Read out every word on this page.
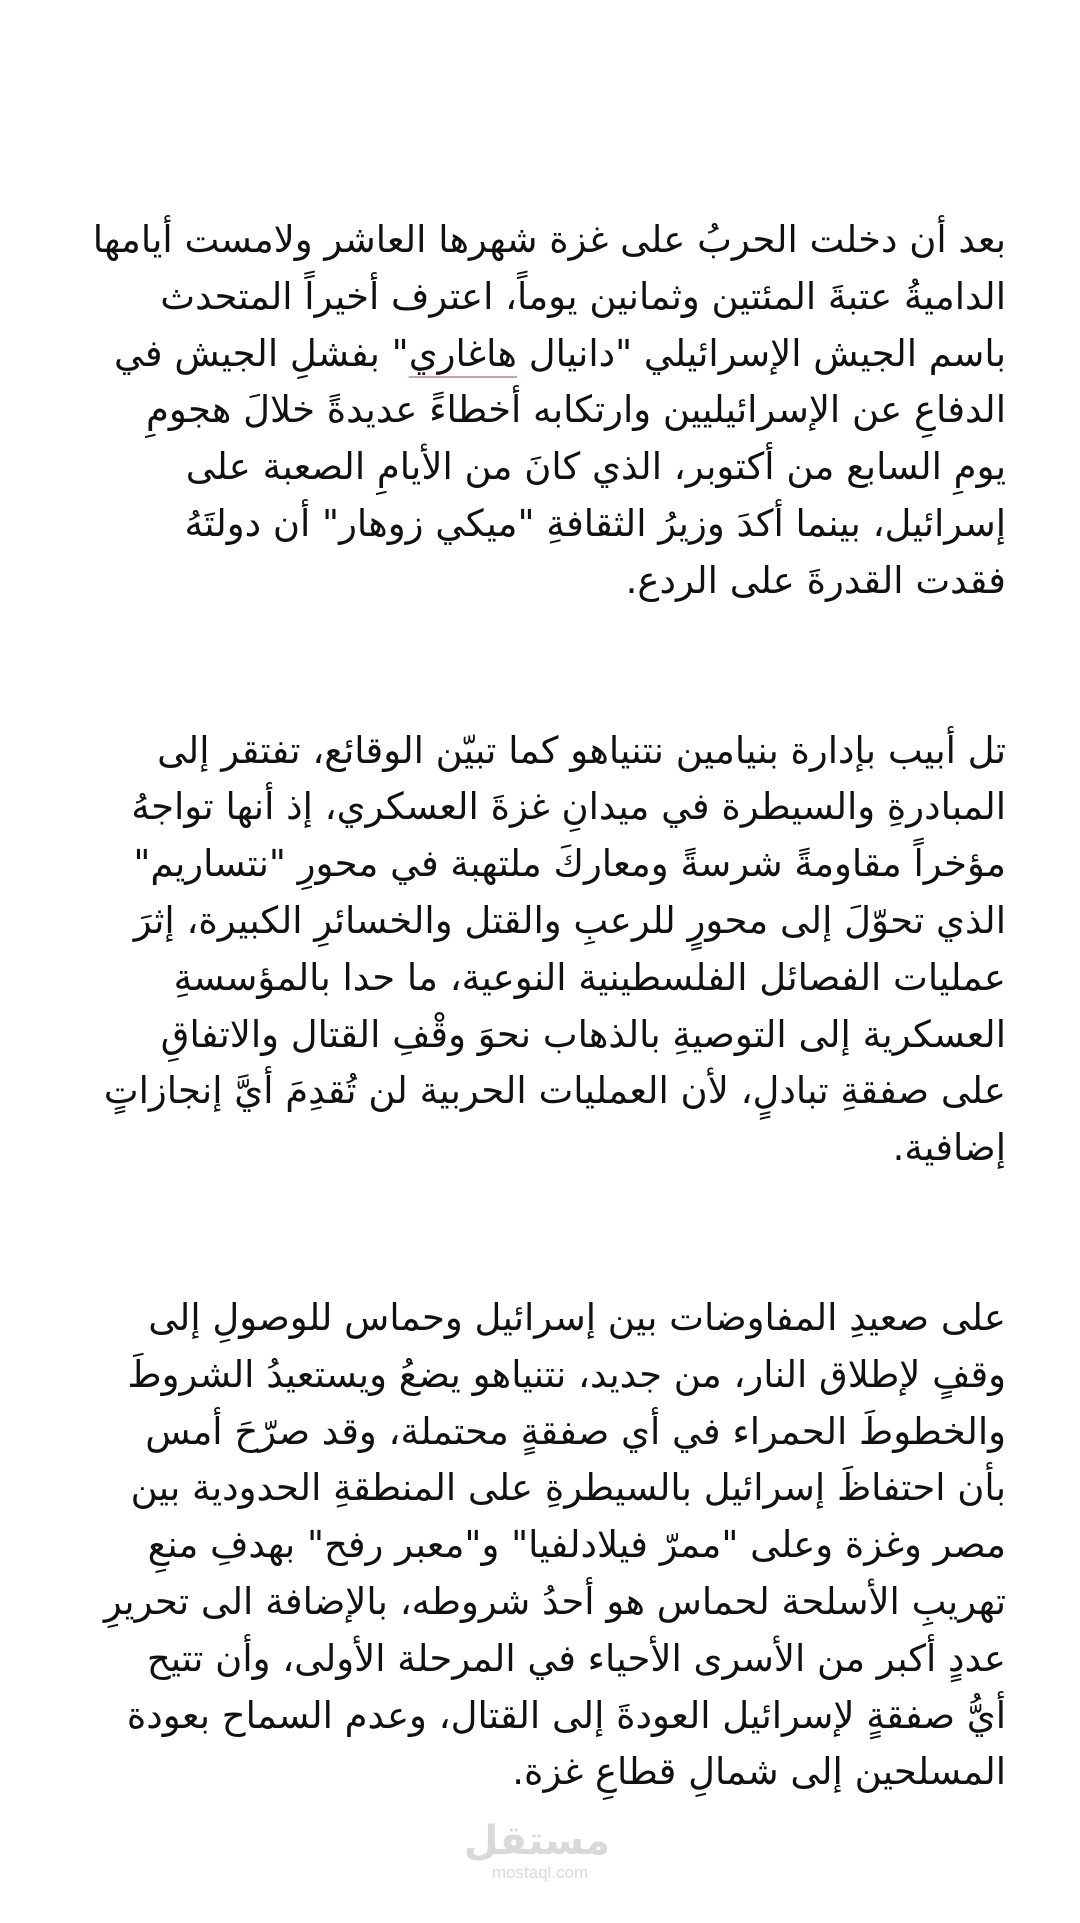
بعد أن دخلت الحربُ على غزة شهرها العاشر ولامست أيامها
الداميةُ عتبةَ المئتين وثمانين يوماً، اعترف أخيراً المتحدث
باسم الجيش الإسرائيلي "دانيال هاغاري" بفشلِ الجيش في
الدفاعِ عن الإسرائيليين وارتكابه أخطاءً عديدةً خلالَ هجومِ
يومِ السابع من أكتوبر، الذي كانَ من الأيامِ الصعبة على
إسرائيل، بينما أكدَ وزيرُ الثقافةِ "ميكي زوهار" أن دولتَهُ
فقدت القدرةَ على الردع.

تل أبيب بإدارة بنيامين نتنياهو كما تبيّن الوقائع، تفتقر إلى
المبادرةِ والسيطرة في ميدانِ غزةَ العسكري، إذ أنها تواجهُ
مؤخراً مقاومةً شرسةً ومعاركَ ملتهبة في محورِ "نتساريم"
الذي تحوّلَ إلى محورٍ للرعبِ والقتل والخسائرِ الكبيرة، إثرَ
عمليات الفصائل الفلسطينية النوعية، ما حدا بالمؤسسةِ
العسكرية إلى التوصيةِ بالذهاب نحوَ وقْفِ القتال والاتفاقِ
على صفقةِ تبادلٍ، لأن العمليات الحربية لن تُقدِمَ أيَّ إنجازاتٍ
إضافية.

على صعيدِ المفاوضات بين إسرائيل وحماس للوصولِ إلى
وقفٍ لإطلاق النار، من جديد، نتنياهو يضعُ ويستعيدُ الشروطَ
والخطوطَ الحمراء في أي صفقةٍ محتملة، وقد صرّحَ أمس
بأن احتفاظَ إسرائيل بالسيطرةِ على المنطقةِ الحدودية بين
مصر وغزة وعلى "ممرّ فيلادلفيا" و"معبر رفح" بهدفِ منعِ
تهريبِ الأسلحة لحماس هو أحدُ شروطه، بالإضافة الى تحريرِ
عددٍ أكبر من الأسرى الأحياء في المرحلة الأولى، وأن تتيح
أيُّ صفقةٍ لإسرائيل العودةَ إلى القتال، وعدم السماح بعودة
المسلحين إلى شمالِ قطاعِ غزة.

مستقل
mostaql.com
